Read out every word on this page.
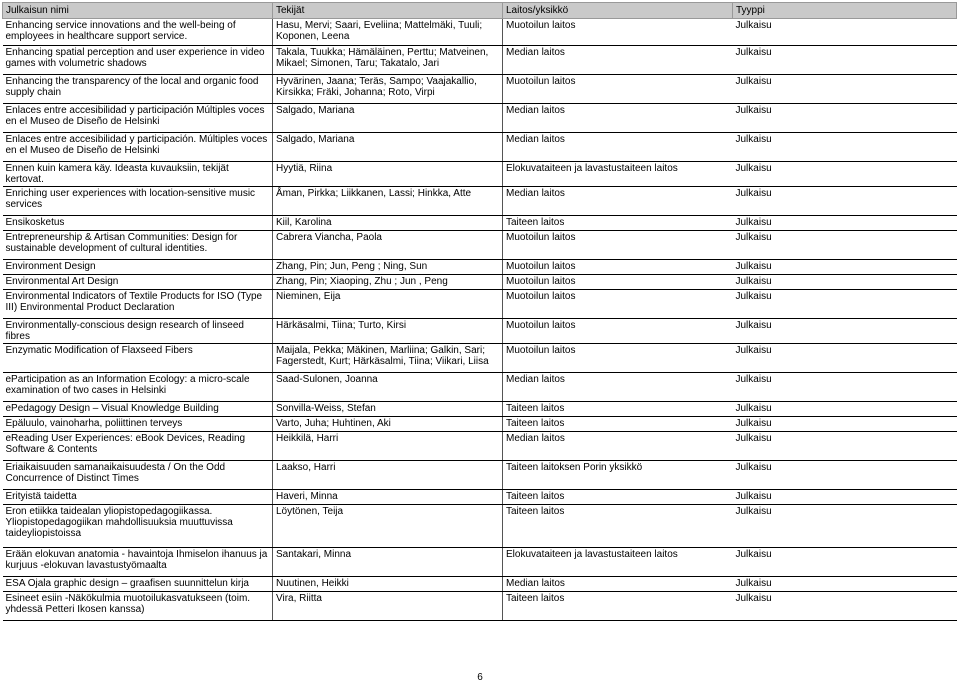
Julkaisun nimi	Tekijät	Laitos/yksikkö	Tyyppi
Enhancing service innovations and the well-being of employees in healthcare support service.	Hasu, Mervi; Saari, Eveliina; Mattelmäki, Tuuli; Koponen, Leena	Muotoilun laitos	Julkaisu
Enhancing spatial perception and user experience in video games with volumetric shadows	Takala, Tuukka; Hämäläinen, Perttu; Matveinen, Mikael; Simonen, Taru; Takatalo, Jari	Median laitos	Julkaisu
Enhancing the transparency of the local and organic food supply chain	Hyvärinen, Jaana; Teräs, Sampo; Vaajakallio, Kirsikka; Fräki, Johanna; Roto, Virpi	Muotoilun laitos	Julkaisu
Enlaces entre accesibilidad y participación Múltiples voces en el Museo de Diseño de Helsinki	Salgado, Mariana	Median laitos	Julkaisu
Enlaces entre accesibilidad y participación. Múltiples voces en el Museo de Diseño de Helsinki	Salgado, Mariana	Median laitos	Julkaisu
Ennen kuin kamera käy. Ideasta kuvauksiin, tekijät kertovat.	Hyytiä, Riina	Elokuvataiteen ja lavastustaiteen laitos	Julkaisu
Enriching user experiences with location-sensitive music services	Åman, Pirkka; Liikkanen, Lassi; Hinkka, Atte	Median laitos	Julkaisu
Ensikosketus	Kiil, Karolina	Taiteen laitos	Julkaisu
Entrepreneurship & Artisan Communities: Design for sustainable development of cultural identities.	Cabrera Viancha, Paola	Muotoilun laitos	Julkaisu
Environment Design	Zhang, Pin; Jun, Peng ; Ning, Sun	Muotoilun laitos	Julkaisu
Environmental Art Design	Zhang, Pin; Xiaoping, Zhu ; Jun , Peng	Muotoilun laitos	Julkaisu
Environmental Indicators of Textile Products for ISO (Type III) Environmental Product Declaration	Nieminen, Eija	Muotoilun laitos	Julkaisu
Environmentally-conscious design research of linseed fibres	Härkäsalmi, Tiina; Turto, Kirsi	Muotoilun laitos	Julkaisu
Enzymatic Modification of Flaxseed Fibers	Maijala, Pekka; Mäkinen, Marliina; Galkin, Sari; Fagerstedt, Kurt; Härkäsalmi, Tiina; Viikari, Liisa	Muotoilun laitos	Julkaisu
eParticipation as an Information Ecology: a micro-scale examination of two cases in Helsinki	Saad-Sulonen, Joanna	Median laitos	Julkaisu
ePedagogy Design – Visual Knowledge Building	Sonvilla-Weiss, Stefan	Taiteen laitos	Julkaisu
Epäluulo, vainoharha, poliittinen terveys	Varto, Juha; Huhtinen, Aki	Taiteen laitos	Julkaisu
eReading User Experiences: eBook Devices, Reading Software & Contents	Heikkilä, Harri	Median laitos	Julkaisu
Eriaikaisuuden samanaikaisuudesta / On the Odd Concurrence of Distinct Times	Laakso, Harri	Taiteen laitoksen Porin yksikkö	Julkaisu
Erityistä taidetta	Haveri, Minna	Taiteen laitos	Julkaisu
Eron etiikka taidealan yliopistopedagogiikassa. Yliopistopedagogiikan mahdollisuuksia muuttuvissa taideyliopistoissa	Löytönen, Teija	Taiteen laitos	Julkaisu
Erään elokuvan anatomia - havaintoja Ihmiselon ihanuus ja kurjuus -elokuvan lavastustyömaalta	Santakari, Minna	Elokuvataiteen ja lavastustaiteen laitos	Julkaisu
ESA Ojala graphic design – graafisen suunnittelun kirja	Nuutinen, Heikki	Median laitos	Julkaisu
Esineet esiin -Näkökulmia muotoilukasvatukseen (toim. yhdessä Petteri Ikosen kanssa)	Vira, Riitta	Taiteen laitos	Julkaisu
6
